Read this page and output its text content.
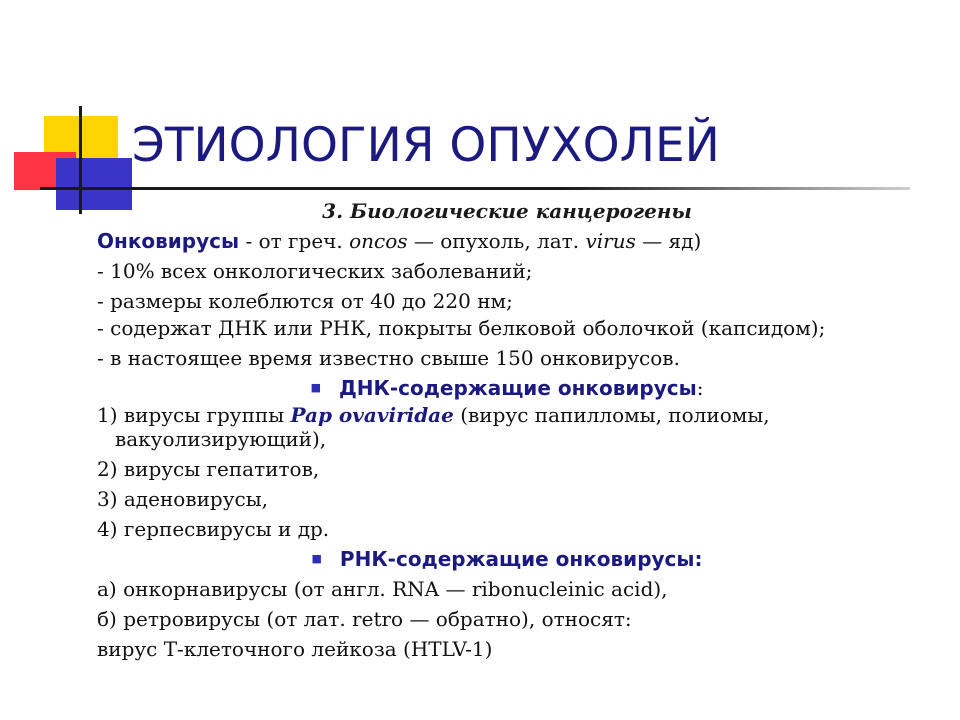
ЭТИОЛОГИЯ ОПУХОЛЕЙ

3. Биологические канцерогены

Онковирусы - от греч. oncos — опухоль, лат. virus — яд)
- 10% всех онкологических заболеваний;
- размеры колеблются от 40 до 220 нм;
- содержат ДНК или РНК, покрыты белковой оболочкой (капсидом);
- в настоящее время известно свыше 150 онковирусов.
■ ДНК-содержащие онковирусы:
1) вирусы группы Pap ovaviridae (вирус папилломы, полиомы, вакуолизирующий),
2) вирусы гепатитов,
3) аденовирусы,
4) герпесвирусы и др.
■ РНК-содержащие онковирусы:
а) онкорнавирусы (от англ. RNA — ribonucleinic acid),
б) ретровирусы (от лат. retro — обратно), относят:
вирус Т-клеточного лейкоза (HTLV-1)
